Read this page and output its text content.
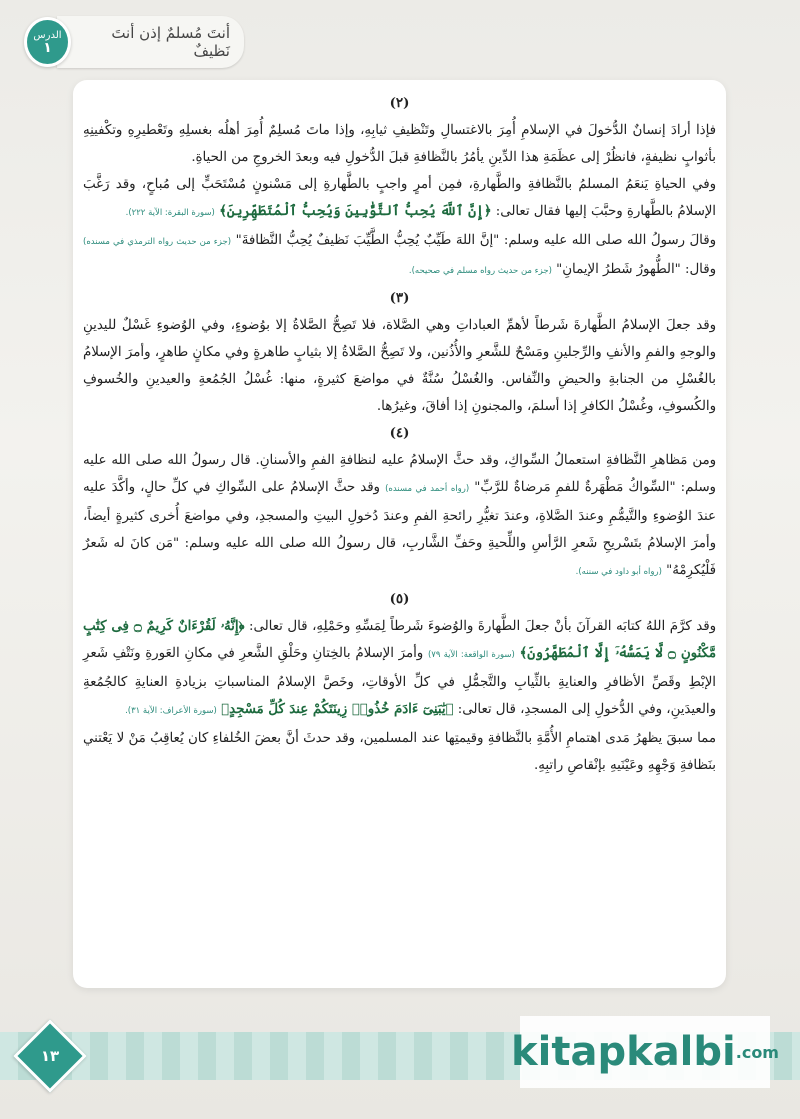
الدرس
١
أنتَ مُسلمٌ إذن أنتَ نَظيفٌ
(٢)

فإذا أرادَ إنسانٌ الدُّخولَ في الإسلامِ أُمِرَ بالاغتسالِ وتَنْظيفِ ثيابِهِ، وإذا ماتَ مُسلِمٌ أُمِرَ أهلُه بغسلِهِ وتَعْطيرِهِ وتكْفينِهِ بأثوابٍ نظيفةٍ، فانظُرْ إلى عظَمَةِ هذا الدِّينِ يأمُرُ بالنَّظافةِ قبلَ الدُّخولِ فيه وبعدَ الخروجِ من الحياةِ.

وفي الحياةِ يَنعَمُ المسلمُ بالنَّظافةِ والطَّهارةِ، فمِن أمرٍ واجبٍ بالطَّهارةِ إلى مَسْنونٍ مُسْتَحَبٍّ إلى مُباحٍ، وقد رَغَّبَ الإسلامُ بالطَّهارةِ وحبَّبَ إليها فقال تعالى: ﴿إِنَّ ٱللَّهَ يُحِبُّ ٱلتَّوَّٰبِينَ وَيُحِبُّ ٱلْمُتَطَهِّرِينَ﴾ (سورة البقرة: الآية ٢٢٢).

وقالَ رسولُ الله صلى الله عليه وسلم: "إنَّ اللهَ طَيِّبٌ يُحِبُّ الطَّيِّبَ نَظيفٌ يُحِبُّ النَّظافةَ" (جزء من حديث رواه الترمذي في مسنده) وقال: "الطُّهورُ شَطرُ الإيمانِ" (جزء من حديث رواه مسلم في صحيحه).

(٣)

وقد جعلَ الإسلامُ الطَّهارةَ شَرطاً لأهمِّ العباداتِ وهي الصَّلاة، فلا تَصِحُّ الصَّلاةُ إلا بوُضوءٍ، وفي الوُضوءِ غَسْلٌ لليدينِ والوجهِ والفمِ والأنفِ والرِّجلينِ ومَسْحٌ للشَّعرِ والأُذُنين، ولا تَصِحُّ الصَّلاةُ إلا بثيابٍ طاهرةٍ وفي مكانٍ طاهرٍ، وأمرَ الإسلامُ بالغُسْلِ من الجنابةِ والحيضِ والنِّفاس. والغُسْلُ سُنَّةٌ في مواضعَ كثيرةٍ، منها: غُسْلُ الجُمُعةِ والعيدينِ والخُسوفِ والكُسوفِ، وغُسْلُ الكافرِ إذا أسلمَ، والمجنونِ إذا أفاقَ، وغيرُها.

(٤)

ومن مَظاهرِ النَّظافةِ استعمالُ السِّواكِ، وقد حثَّ الإسلامُ عليه لنظافةِ الفمِ والأسنانِ. قال رسولُ الله صلى الله عليه وسلم: "السِّواكُ مَطْهَرةٌ للفمِ مَرضاةٌ للرَّبِّ" (رواه أحمد في مسنده) وقد حثَّ الإسلامُ على السِّواكِ في كلِّ حالٍ، وأكَّدَ عليه عندَ الوُضوءِ والتَّيمُّمِ وعندَ الصَّلاةِ، وعندَ تغيُّرِ رائحةِ الفمِ وعندَ دُخولِ البيتِ والمسجدِ، وفي مواضعَ أُخرى كثيرةٍ أيضاً، وأمرَ الإسلامُ بتَسْريحِ شَعرِ الرَّأسِ واللِّحيةِ وحَفِّ الشَّاربِ، قال رسولُ الله صلى الله عليه وسلم: "مَن كانَ له شَعرٌ فَلْيُكرِمْهُ" (رواه أبو داود في سننه).

(٥)

وقد كرَّمَ اللهُ كتابَه القرآنَ بأنْ جعلَ الطَّهارةَ والوُضوءَ شَرطاً لِمَسِّهِ وحَمْلِهِ، قال تعالى: ﴿إِنَّهُۥ لَقُرْءَانٌ كَرِيمٌ ۝ فِى كِتَٰبٍ مَّكْنُونٍ ۝ لَّا يَمَسُّهُۥٓ إِلَّا ٱلْمُطَهَّرُونَ﴾ (سورة الواقعة: الآية ٧٩) وأمرَ الإسلامُ بالخِتانِ وحَلْقِ الشَّعرِ في مكانِ العَورةِ ونَتْفِ شَعرِ الإبْطِ وقَصِّ الأظافرِ والعنايةِ بالثِّيابِ والتَّجمُّلِ في كلِّ الأوقاتِ، وخَصَّ الإسلامُ المناسباتِ بزيادةِ العنايةِ كالجُمُعةِ والعيدَينِ، وفي الدُّخولِ إلى المسجدِ، قال تعالى: ﴿يَٰبَنِىٓ ءَادَمَ خُذُوا۟ زِينَتَكُمْ عِندَ كُلِّ مَسْجِدٍ﴾ (سورة الأعراف: الآية ٣١).

مما سبقَ يظهرُ مَدى اهتمامِ الأُمَّةِ بالنَّظافةِ وقيمتِها عند المسلمين، وقد حدثَ أنَّ بعضَ الخُلفاءِ كان يُعاقِبُ مَنْ لا يَعْتني بنَظافةِ وَجْهِهِ وعَيْنَيهِ بإنْقاصِ راتبِهِ.

١٣	kitapkalbi .com
